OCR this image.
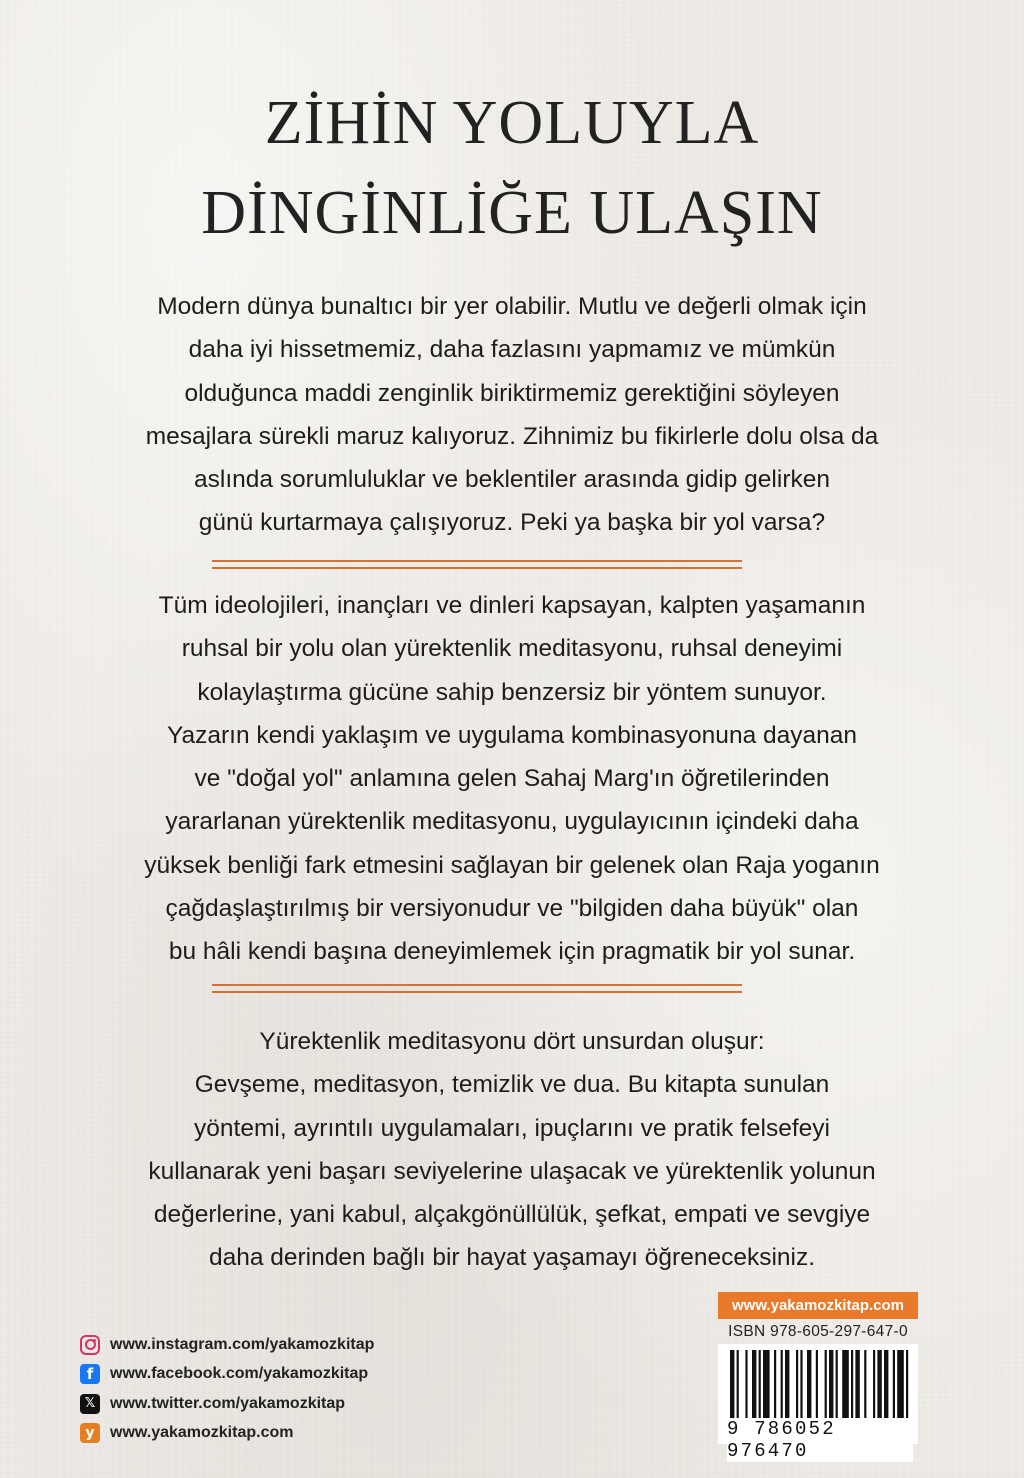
ZİHİN YOLUYLA
DİNGİNLİĞE ULAŞIN
Modern dünya bunaltıcı bir yer olabilir. Mutlu ve değerli olmak için
daha iyi hissetmemiz, daha fazlasını yapmamız ve mümkün
olduğunca maddi zenginlik biriktirmemiz gerektiğini söyleyen
mesajlara sürekli maruz kalıyoruz. Zihnimiz bu fikirlerle dolu olsa da
aslında sorumluluklar ve beklentiler arasında gidip gelirken
günü kurtarmaya çalışıyoruz. Peki ya başka bir yol varsa?
Tüm ideolojileri, inançları ve dinleri kapsayan, kalpten yaşamanın
ruhsal bir yolu olan yürektenlik meditasyonu, ruhsal deneyimi
kolaylaştırma gücüne sahip benzersiz bir yöntem sunuyor.
Yazarın kendi yaklaşım ve uygulama kombinasyonuna dayanan
ve "doğal yol" anlamına gelen Sahaj Marg'ın öğretilerinden
yararlanan yürektenlik meditasyonu, uygulayıcının içindeki daha
yüksek benliği fark etmesini sağlayan bir gelenek olan Raja yoganın
çağdaşlaştırılmış bir versiyonudur ve "bilgiden daha büyük" olan
bu hâli kendi başına deneyimlemek için pragmatik bir yol sunar.
Yürektenlik meditasyonu dört unsurdan oluşur:
Gevşeme, meditasyon, temizlik ve dua. Bu kitapta sunulan
yöntemi, ayrıntılı uygulamaları, ipuçlarını ve pratik felsefeyi
kullanarak yeni başarı seviyelerine ulaşacak ve yürektenlik yolunun
değerlerine, yani kabul, alçakgönüllülük, şefkat, empati ve sevgiye
daha derinden bağlı bir hayat yaşamayı öğreneceksiniz.
www.instagram.com/yakamozkitap
f	www.facebook.com/yakamozkitap
𝕏 www.twitter.com/yakamozkitap
y www.yakamozkitap.com
www.yakamozkitap.com
ISBN 978-605-297-647-0
9 786052 976470
